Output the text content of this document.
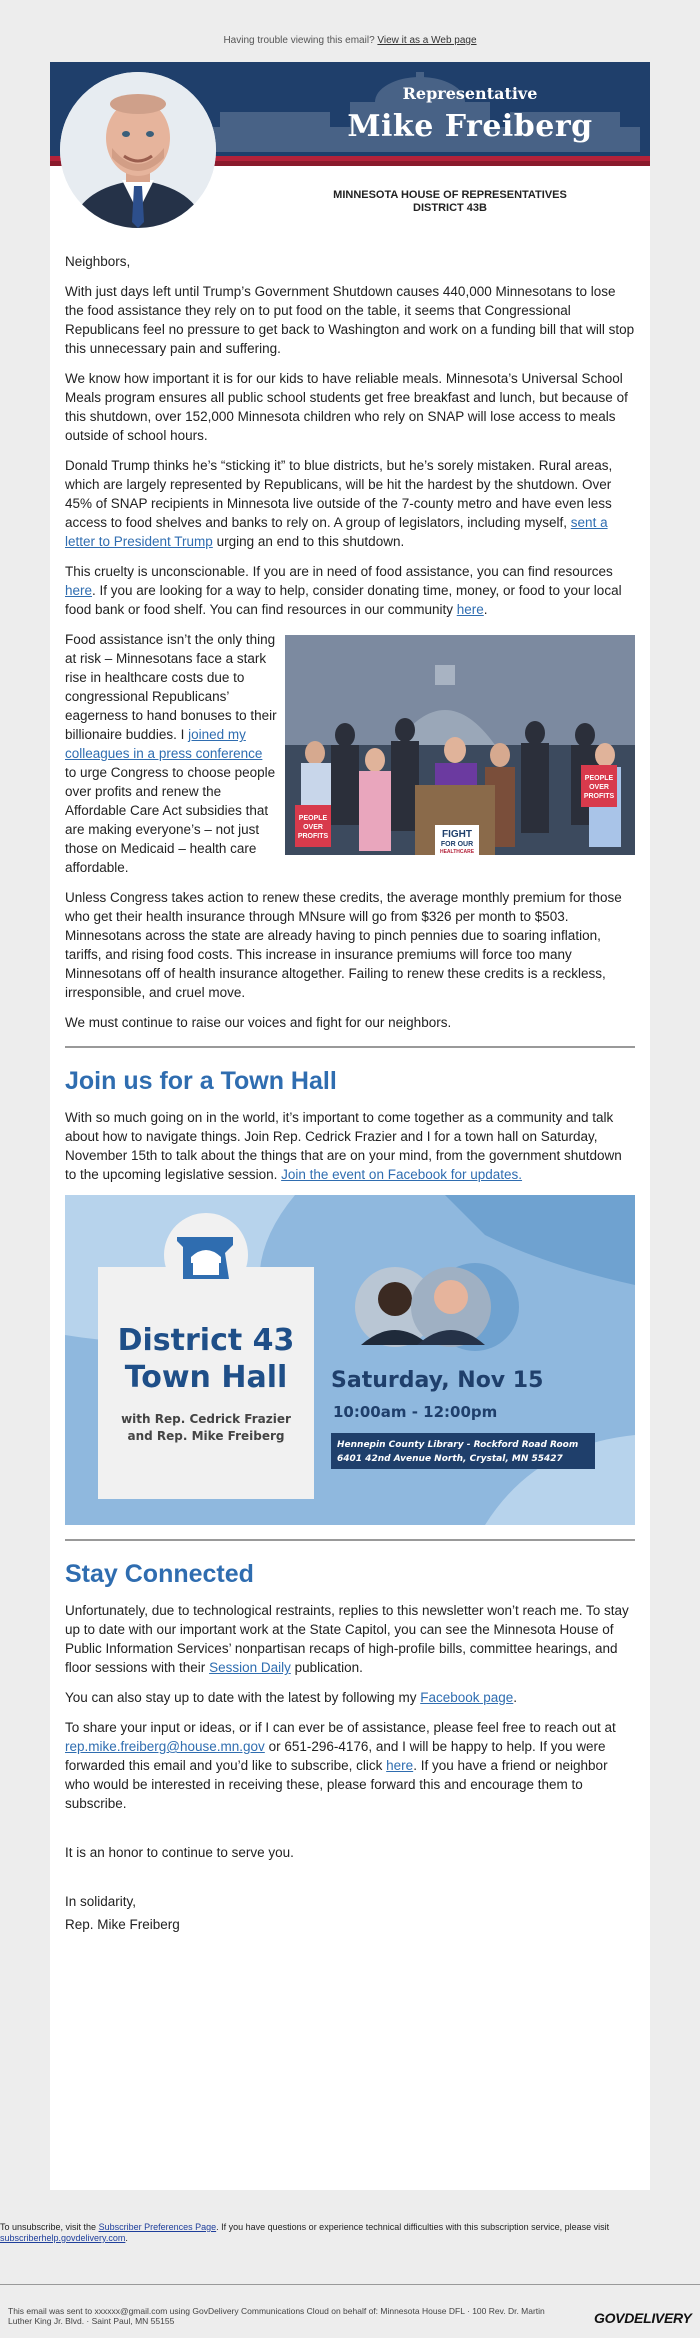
Having trouble viewing this email? View it as a Web page
Representative
Mike Freiberg
MINNESOTA HOUSE OF REPRESENTATIVES
DISTRICT 43B

Neighbors,

With just days left until Trump’s Government Shutdown causes 440,000 Minnesotans to lose the food assistance they rely on to put food on the table, it seems that Congressional Republicans feel no pressure to get back to Washington and work on a funding bill that will stop this unnecessary pain and suffering.

We know how important it is for our kids to have reliable meals. Minnesota’s Universal School Meals program ensures all public school students get free breakfast and lunch, but because of this shutdown, over 152,000 Minnesota children who rely on SNAP will lose access to meals outside of school hours.

Donald Trump thinks he’s “sticking it” to blue districts, but he’s sorely mistaken. Rural areas, which are largely represented by Republicans, will be hit the hardest by the shutdown. Over 45% of SNAP recipients in Minnesota live outside of the 7-county metro and have even less access to food shelves and banks to rely on. A group of legislators, including myself, sent a letter to President Trump urging an end to this shutdown.

This cruelty is unconscionable. If you are in need of food assistance, you can find resources here. If you are looking for a way to help, consider donating time, money, or food to your local food bank or food shelf. You can find resources in our community here.

PEOPLE
OVER
PROFITS
PEOPLE
OVER
PROFITS
FIGHT
FOR OUR
HEALTHCARE

Food assistance isn’t the only thing at risk – Minnesotans face a stark rise in healthcare costs due to congressional Republicans’ eagerness to hand bonuses to their billionaire buddies. I joined my colleagues in a press conference to urge Congress to choose people over profits and renew the Affordable Care Act subsidies that are making everyone’s – not just those on Medicaid – health care affordable.

Unless Congress takes action to renew these credits, the average monthly premium for those who get their health insurance through MNsure will go from $326 per month to $503. Minnesotans across the state are already having to pinch pennies due to soaring inflation, tariffs, and rising food costs. This increase in insurance premiums will force too many Minnesotans off of health insurance altogether. Failing to renew these credits is a reckless, irresponsible, and cruel move.

We must continue to raise our voices and fight for our neighbors.

Join us for a Town Hall

With so much going on in the world, it’s important to come together as a community and talk about how to navigate things. Join Rep. Cedrick Frazier and I for a town hall on Saturday, November 15th to talk about the things that are on your mind, from the government shutdown to the upcoming legislative session. Join the event on Facebook for updates.

District 43
Town Hall
with Rep. Cedrick Frazier
and Rep. Mike Freiberg
Saturday, Nov 15
10:00am - 12:00pm
Hennepin County Library - Rockford Road Room
6401 42nd Avenue North, Crystal, MN 55427
Stay Connected

Unfortunately, due to technological restraints, replies to this newsletter won’t reach me. To stay up to date with our important work at the State Capitol, you can see the Minnesota House of Public Information Services’ nonpartisan recaps of high-profile bills, committee hearings, and floor sessions with their Session Daily publication.

You can also stay up to date with the latest by following my Facebook page.

To share your input or ideas, or if I can ever be of assistance, please feel free to reach out at rep.mike.freiberg@house.mn.gov or 651-296-4176, and I will be happy to help. If you were forwarded this email and you’d like to subscribe, click here. If you have a friend or neighbor who would be interested in receiving these, please forward this and encourage them to subscribe.

It is an honor to continue to serve you.

In solidarity,

Rep. Mike Freiberg

To unsubscribe, visit the Subscriber Preferences Page. If you have questions or experience technical difficulties with this subscription service, please visit subscriberhelp.govdelivery.com.
This email was sent to xxxxxx@gmail.com using GovDelivery Communications Cloud on behalf of: Minnesota House DFL · 100 Rev. Dr. Martin Luther King Jr. Blvd. · Saint Paul, MN 55155	GOVDELIVERY
